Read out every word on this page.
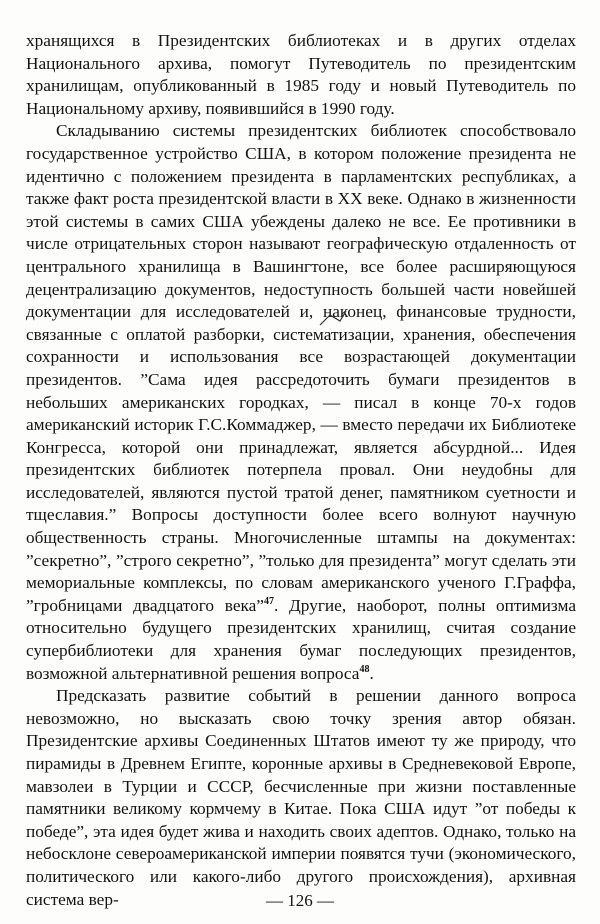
хранящихся в Президентских библиотеках и в других отделах Национального архива, помогут Путеводитель по президентским хранилищам, опубликованный в 1985 году и новый Путеводитель по Национальному архиву, появившийся в 1990 году.

Складыванию системы президентских библиотек способствовало государственное устройство США, в котором положение президента не идентично с положением президента в парламентских республиках, а также факт роста президентской власти в XX веке. Однако в жизненности этой системы в самих США убеждены далеко не все. Ее противники в числе отрицательных сторон называют географическую отдаленность от центрального хранилища в Вашингтоне, все более расширяющуюся децентрализацию документов, недоступность большей части новейшей документации для исследователей и, наконец, финансовые трудности, связанные с оплатой разборки, систематизации, хранения, обеспечения сохранности и использования все возрастающей документации президентов. ”Сама идея рассредоточить бумаги президентов в небольших американских городках, — писал в конце 70-х годов американский историк Г.С.Коммаджер, — вместо передачи их Библиотеке Конгресса, которой они принадлежат, является абсурдной... Идея президентских библиотек потерпела провал. Они неудобны для исследователей, являются пустой тратой денег, памятником суетности и тщеславия.” Вопросы доступности более всего волнуют научную общественность страны. Многочисленные штампы на документах: ”секретно”, ”строго секретно”, ”только для президента” могут сделать эти мемориальные комплексы, по словам американского ученого Г.Граффа, ”гробницами двадцатого века”$^{47}$. Другие, наоборот, полны оптимизма относительно будущего президентских хранилищ, считая создание супербиблиотеки для хранения бумаг последующих президентов, возможной альтернативной решения вопроса$^{48}$.

Предсказать развитие событий в решении данного вопроса невозможно, но высказать свою точку зрения автор обязан. Президентские архивы Соединенных Штатов имеют ту же природу, что пирамиды в Древнем Египте, коронные архивы в Средневековой Европе, мавзолеи в Турции и СССР, бесчисленные при жизни поставленные памятники великому кормчему в Китае. Пока США идут ”от победы к победе”, эта идея будет жива и находить своих адептов. Однако, только на небосклоне североамериканской империи появятся тучи (экономического, политического или какого-либо другого происхождения), архивная система вер-	— 126 —
